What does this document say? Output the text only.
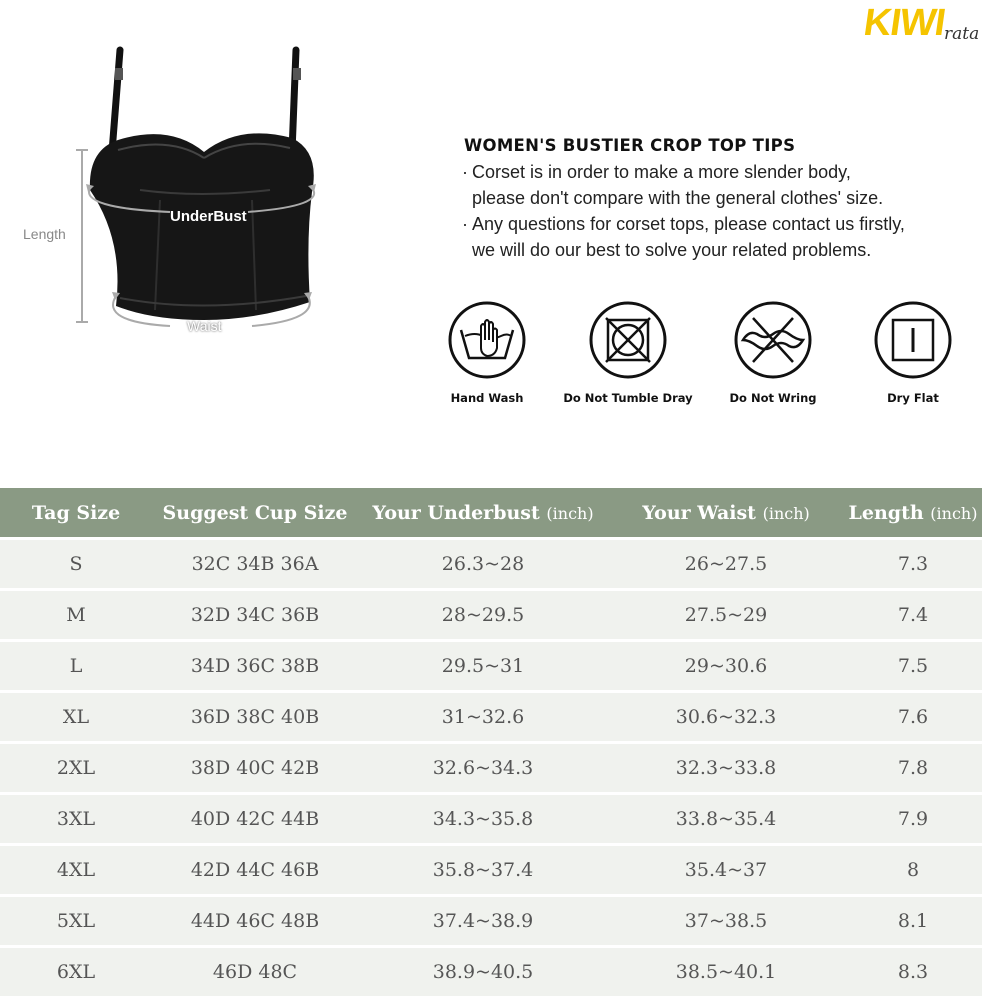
KIWI
rata
Length
UnderBust
Waist
WOMEN'S BUSTIER CROP TOP TIPS
· Corset is in order to make a more slender body,
please don't compare with the general clothes' size.
· Any questions for corset tops, please contact us firstly,
we will do our best to solve your related problems.
Hand Wash	Do Not Tumble Dray	Do Not Wring	Dry Flat
Tag Size	Suggest Cup Size	Your Underbust (inch)	Your Waist (inch)	Length (inch)
S	32C 34B 36A	26.3~28	26~27.5	7.3
M	32D 34C 36B	28~29.5	27.5~29	7.4
L	34D 36C 38B	29.5~31	29~30.6	7.5
XL	36D 38C 40B	31~32.6	30.6~32.3	7.6
2XL	38D 40C 42B	32.6~34.3	32.3~33.8	7.8
3XL	40D 42C 44B	34.3~35.8	33.8~35.4	7.9
4XL	42D 44C 46B	35.8~37.4	35.4~37	8
5XL	44D 46C 48B	37.4~38.9	37~38.5	8.1
6XL	46D 48C	38.9~40.5	38.5~40.1	8.3
